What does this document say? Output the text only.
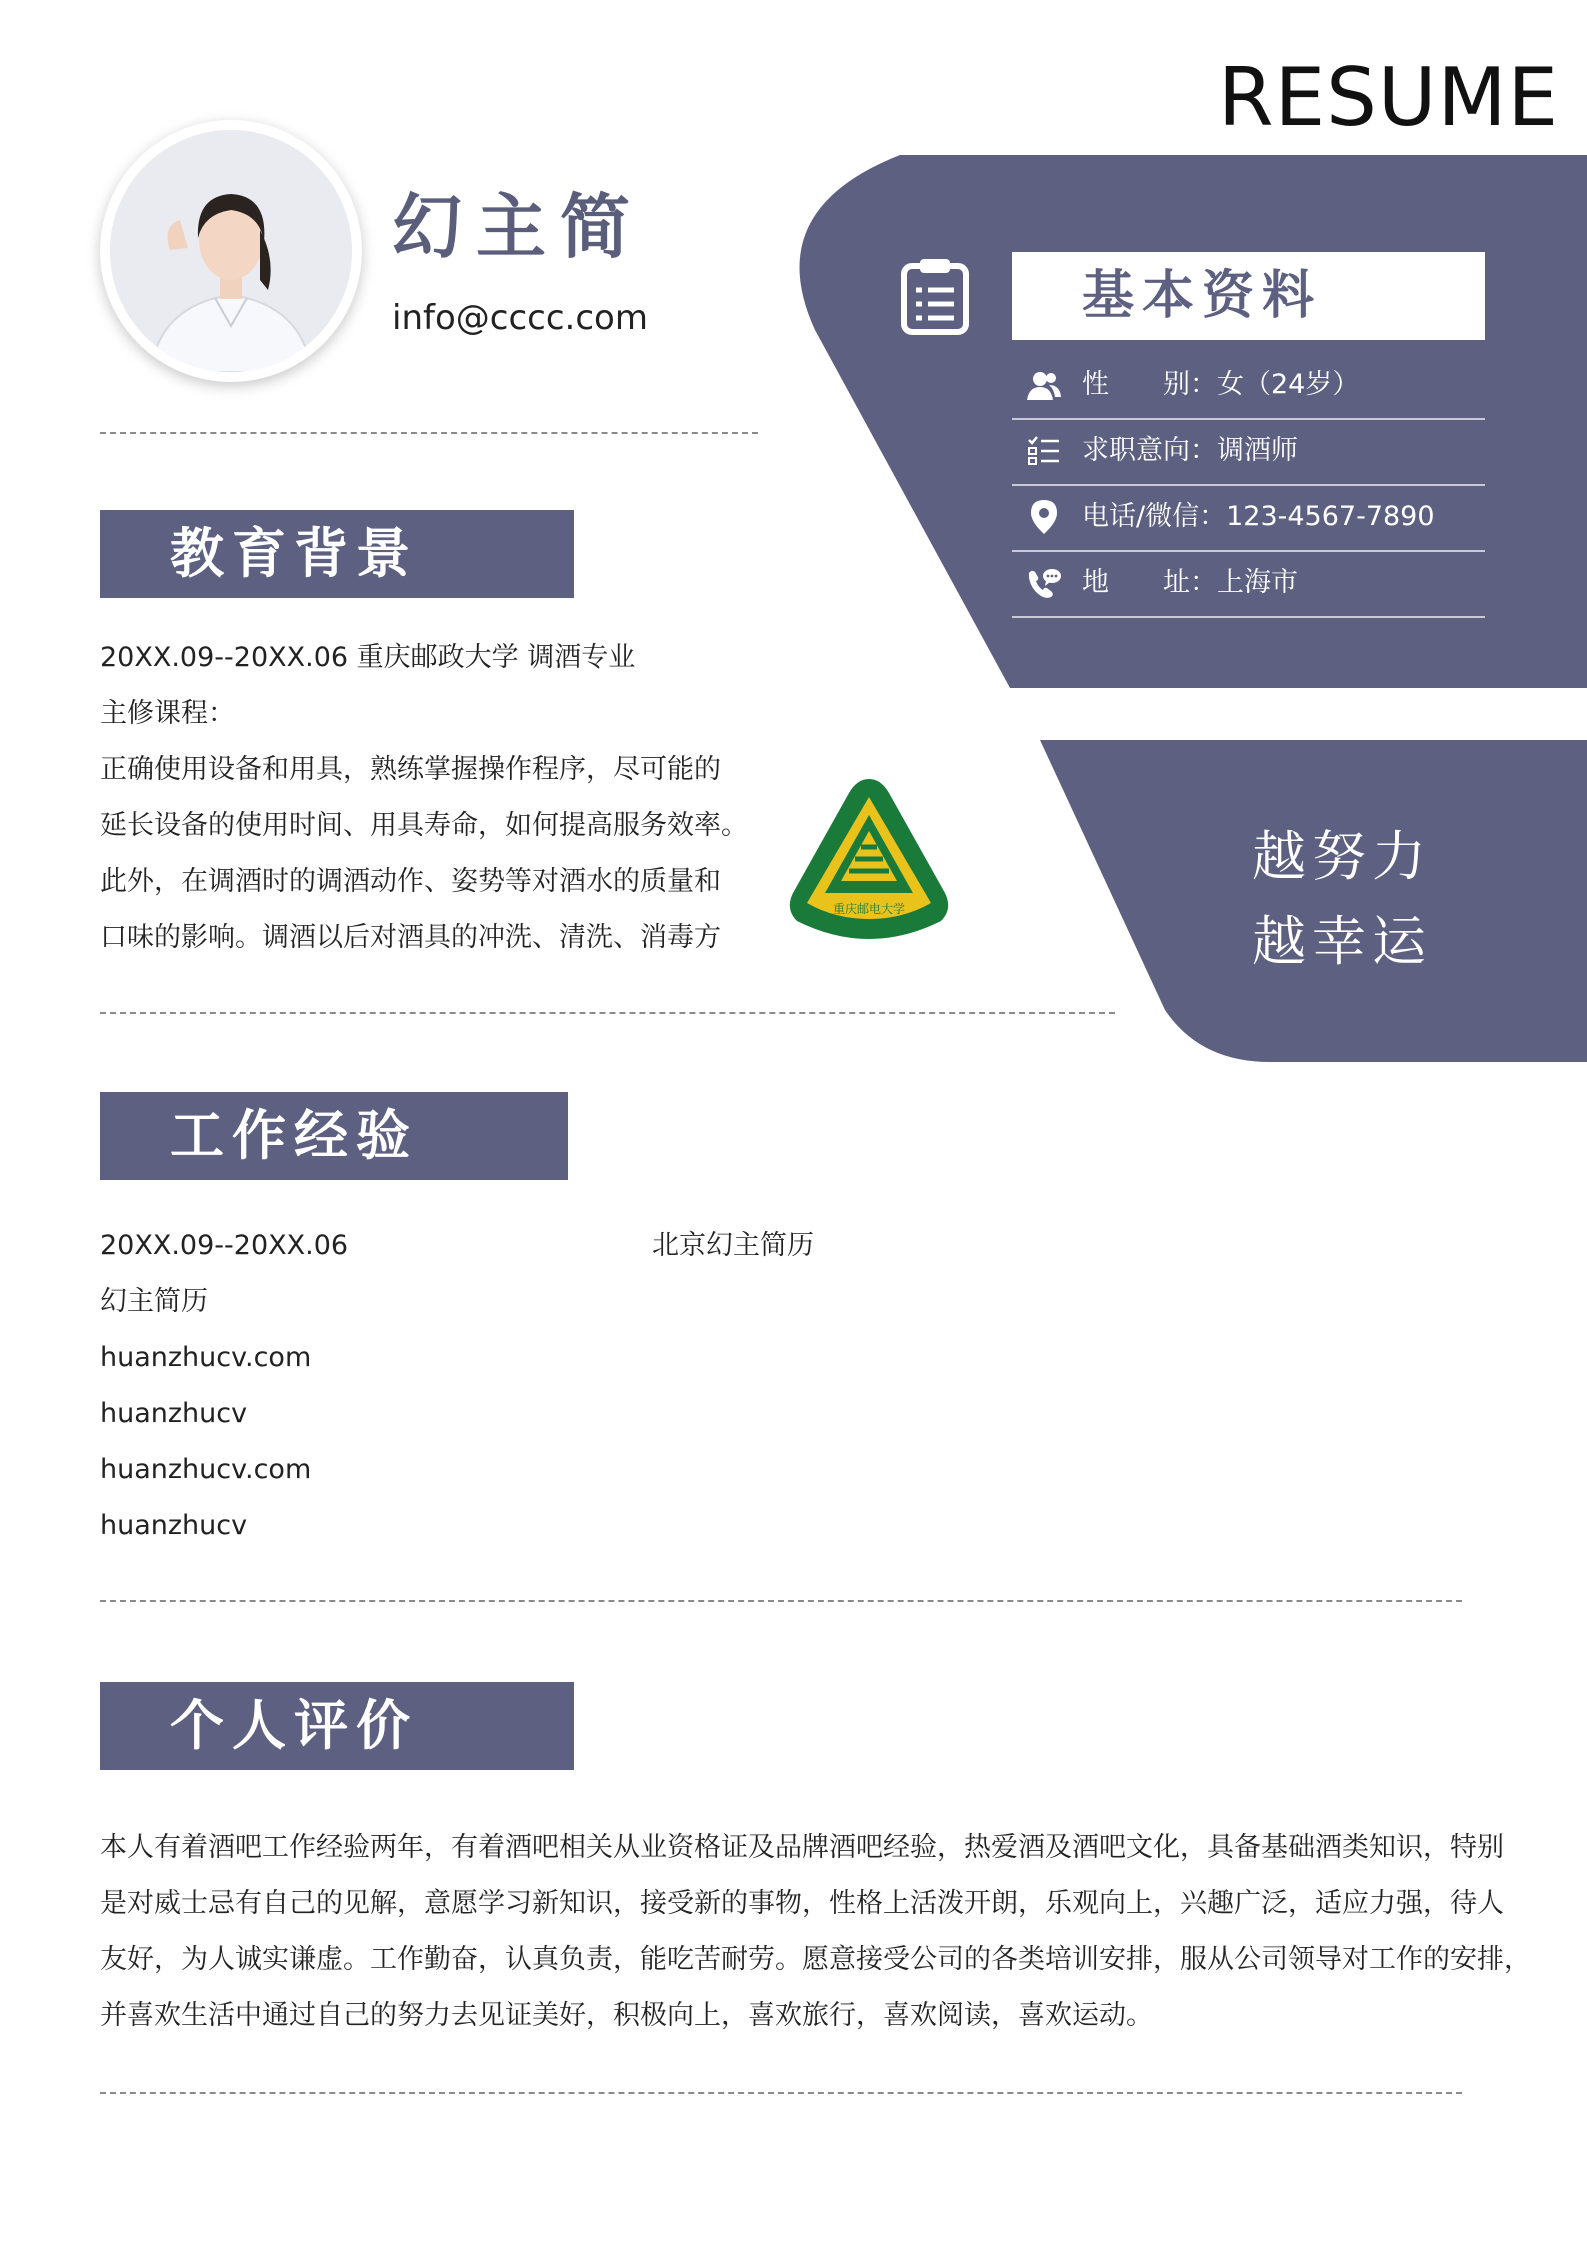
RESUME
幻主简
info@cccc.com	基本资料
性　　别：女（24岁）
求职意向：调酒师
电话/微信：123-4567-7890
地　　址：上海市
越努力
越幸运
教育背景
20XX.09--20XX.06 重庆邮政大学 调酒专业
主修课程：
正确使用设备和用具，熟练掌握操作程序，尽可能的
延长设备的使用时间、用具寿命，如何提高服务效率。
此外，在调酒时的调酒动作、姿势等对酒水的质量和
口味的影响。调酒以后对酒具的冲洗、清洗、消毒方
重庆邮电大学
1950
工作经验
20XX.09--20XX.06	北京幻主简历
幻主简历
huanzhucv.com
huanzhucv
huanzhucv.com
huanzhucv
个人评价
本人有着酒吧工作经验两年，有着酒吧相关从业资格证及品牌酒吧经验，热爱酒及酒吧文化，具备基础酒类知识，特别
是对威士忌有自己的见解，意愿学习新知识，接受新的事物，性格上活泼开朗，乐观向上，兴趣广泛，适应力强，待人
友好，为人诚实谦虚。工作勤奋，认真负责，能吃苦耐劳。愿意接受公司的各类培训安排，服从公司领导对工作的安排，
并喜欢生活中通过自己的努力去见证美好，积极向上，喜欢旅行，喜欢阅读，喜欢运动。
